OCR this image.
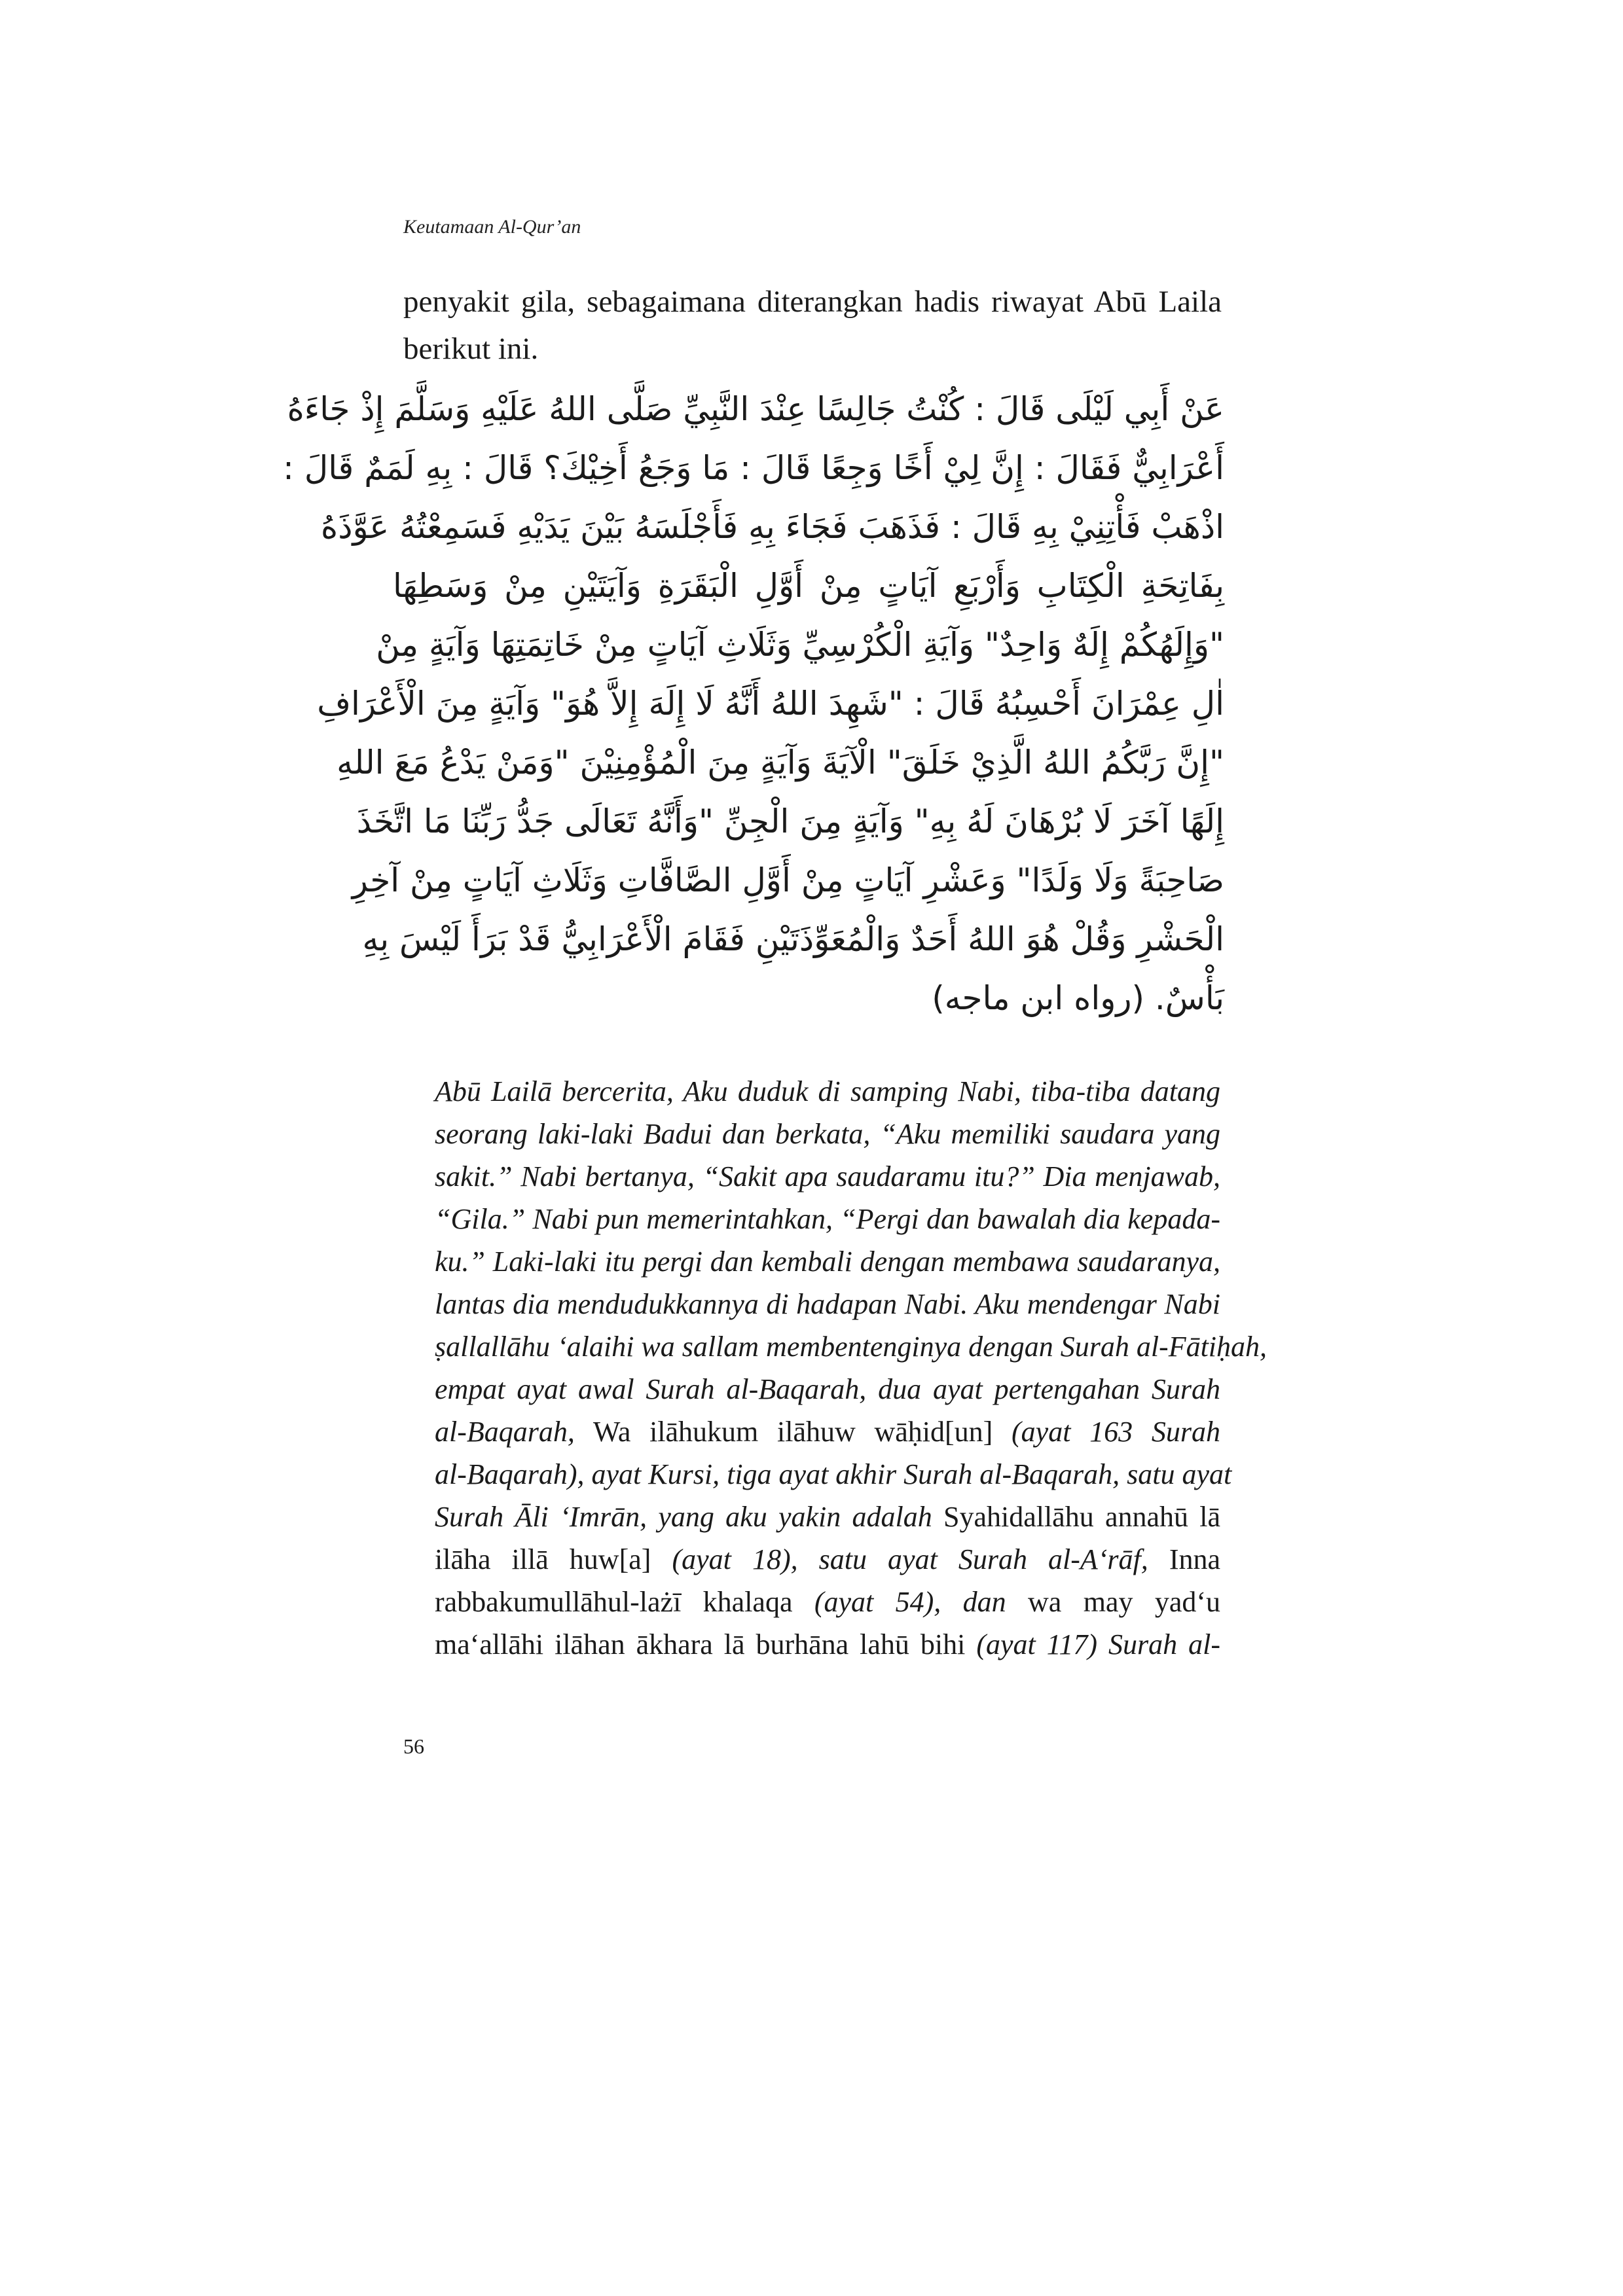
Keutamaan Al-Qur’an

penyakit gila, sebagaimana diterangkan hadis riwayat Abū Laila berikut ini.

عَنْ أَبِي لَيْلَى قَالَ : كُنْتُ جَالِسًا عِنْدَ النَّبِيِّ صَلَّى اللهُ عَلَيْهِ وَسَلَّمَ إِذْ جَاءَهُ
أَعْرَابِيٌّ فَقَالَ : إِنَّ لِيْ أَخًا وَجِعًا قَالَ : مَا وَجَعُ أَخِيْكَ؟ قَالَ : بِهِ لَمَمٌ قَالَ :
اذْهَبْ فَأْتِنِيْ بِهِ قَالَ : فَذَهَبَ فَجَاءَ بِهِ فَأَجْلَسَهُ بَيْنَ يَدَيْهِ فَسَمِعْتُهُ عَوَّذَهُ
بِفَاتِحَةِ الْكِتَابِ وَأَرْبَعِ آيَاتٍ مِنْ أَوَّلِ الْبَقَرَةِ وَآيَتَيْنِ مِنْ وَسَطِهَا
"وَإِلَهُكُمْ إِلَهٌ وَاحِدٌ" وَآيَةِ الْكُرْسِيِّ وَثَلَاثِ آيَاتٍ مِنْ خَاتِمَتِهَا وَآيَةٍ مِنْ
اٰلِ عِمْرَانَ أَحْسِبُهُ قَالَ : "شَهِدَ اللهُ أَنَّهُ لَا إِلَهَ إِلاَّ هُوَ" وَآيَةٍ مِنَ الْأَعْرَافِ
"إِنَّ رَبَّكُمُ اللهُ الَّذِيْ خَلَقَ" الْآيَةَ وَآيَةٍ مِنَ الْمُؤْمِنِيْنَ "وَمَنْ يَدْعُ مَعَ اللهِ
إِلَهًا آخَرَ لَا بُرْهَانَ لَهُ بِهِ" وَآيَةٍ مِنَ الْجِنِّ "وَأَنَّهُ تَعَالَى جَدُّ رَبِّنَا مَا اتَّخَذَ
صَاحِبَةً وَلَا وَلَدًا" وَعَشْرِ آيَاتٍ مِنْ أَوَّلِ الصَّافَّاتِ وَثَلَاثِ آيَاتٍ مِنْ آخِرِ
الْحَشْرِ وَقُلْ هُوَ اللهُ أَحَدٌ وَالْمُعَوِّذَتَيْنِ فَقَامَ الْأَعْرَابِيُّ قَدْ بَرَأَ لَيْسَ بِهِ
بَأْسٌ. (رواه ابن ماجه)
Abū Lailā bercerita, Aku duduk di samping Nabi, tiba-tiba datang
seorang laki-laki Badui dan berkata, “Aku memiliki saudara yang
sakit.” Nabi bertanya, “Sakit apa saudaramu itu?” Dia menjawab,
“Gila.” Nabi pun memerintahkan, “Pergi dan bawalah dia kepada-
ku.” Laki-laki itu pergi dan kembali dengan membawa saudaranya,
lantas dia mendudukkannya di hadapan Nabi. Aku mendengar Nabi
ṣallallāhu ‘alaihi wa sallam membentenginya dengan Surah al-Fātiḥah,
empat ayat awal Surah al-Baqarah, dua ayat pertengahan Surah
al-Baqarah, Wa ilāhukum ilāhuw wāḥid[un] (ayat 163 Surah
al-Baqarah), ayat Kursi, tiga ayat akhir Surah al-Baqarah, satu ayat
Surah Āli ‘Imrān, yang aku yakin adalah Syahidallāhu annahū lā
ilāha illā huw[a] (ayat 18), satu ayat Surah al-A‘rāf, Inna
rabbakumullāhul-lażī khalaqa (ayat 54), dan wa may yad‘u
ma‘allāhi ilāhan ākhara lā burhāna lahū bihi (ayat 117) Surah al-
56
